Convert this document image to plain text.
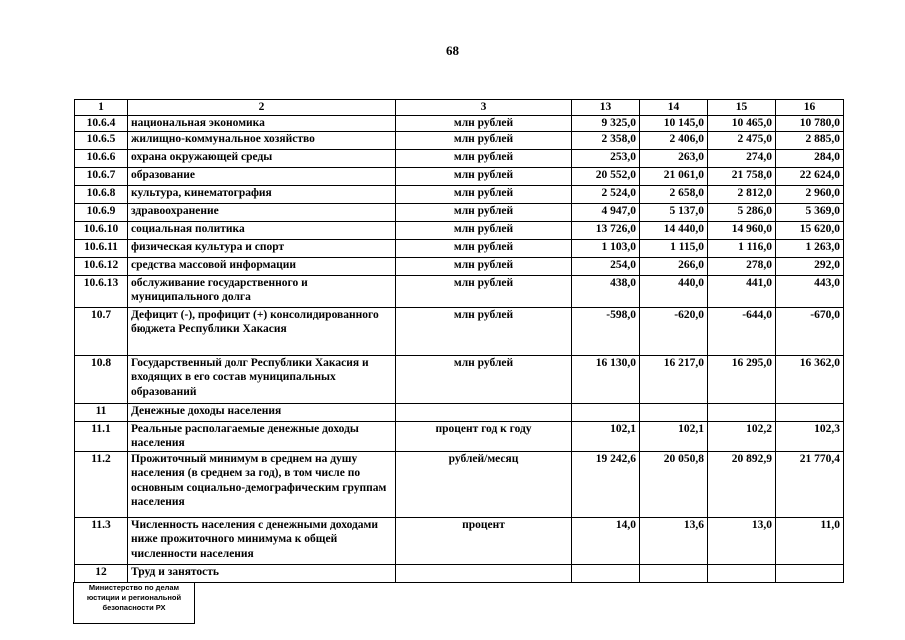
68
1	2	3	13	14	15	16
10.6.4	национальная экономика	млн рублей	9 325,0	10 145,0	10 465,0	10 780,0
10.6.5	жилищно-коммунальное хозяйство	млн рублей	2 358,0	2 406,0	2 475,0	2 885,0
10.6.6	охрана окружающей среды	млн рублей	253,0	263,0	274,0	284,0
10.6.7	образование	млн рублей	20 552,0	21 061,0	21 758,0	22 624,0
10.6.8	культура, кинематография	млн рублей	2 524,0	2 658,0	2 812,0	2 960,0
10.6.9	здравоохранение	млн рублей	4 947,0	5 137,0	5 286,0	5 369,0
10.6.10	социальная политика	млн рублей	13 726,0	14 440,0	14 960,0	15 620,0
10.6.11	физическая культура и спорт	млн рублей	1 103,0	1 115,0	1 116,0	1 263,0
10.6.12	средства массовой информации	млн рублей	254,0	266,0	278,0	292,0
10.6.13	обслуживание государственного и муниципального долга	млн рублей	438,0	440,0	441,0	443,0
10.7	Дефицит (-), профицит (+) консолидированного бюджета Республики Хакасия	млн рублей	-598,0	-620,0	-644,0	-670,0
10.8	Государственный долг Республики Хакасия и входящих в его состав муниципальных образований	млн рублей	16 130,0	16 217,0	16 295,0	16 362,0
11	Денежные доходы населения					
11.1	Реальные располагаемые денежные доходы населения	процент год к году	102,1	102,1	102,2	102,3
11.2	Прожиточный минимум в среднем на душу населения (в среднем за год), в том числе по основным социально-демографическим группам населения	рублей/месяц	19 242,6	20 050,8	20 892,9	21 770,4
11.3	Численность населения с денежными доходами ниже прожиточного минимума к общей численности населения	процент	14,0	13,6	13,0	11,0
12	Труд и занятость					
Министерство по делам
юстиции и региональной
безопасности РХ
